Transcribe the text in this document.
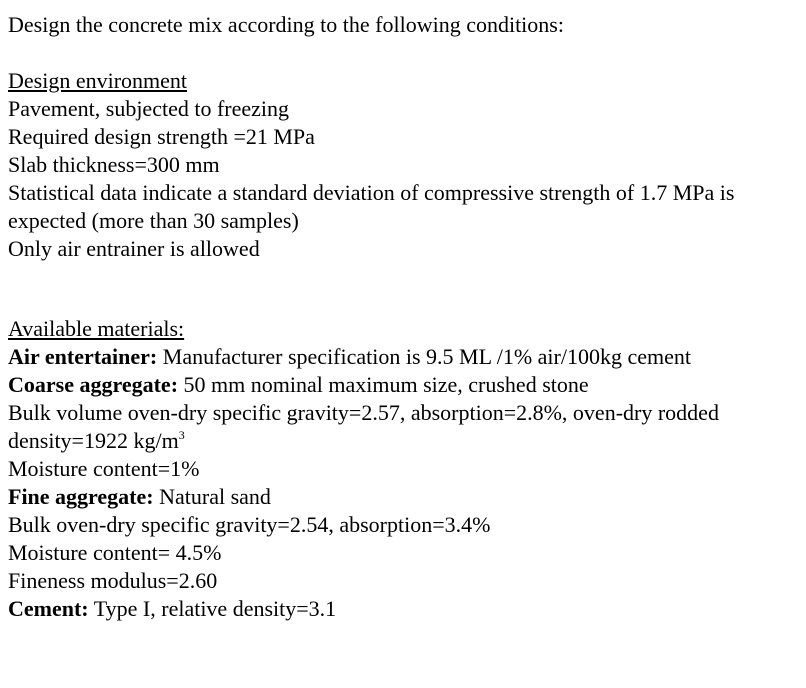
Design the concrete mix according to the following conditions:
Design environment
Pavement, subjected to freezing
Required design strength =21 MPa
Slab thickness=300 mm
Statistical data indicate a standard deviation of compressive strength of 1.7 MPa is
expected (more than 30 samples)
Only air entrainer is allowed
Available materials:
Air entertainer: Manufacturer specification is 9.5 ML /1% air/100kg cement
Coarse aggregate: 50 mm nominal maximum size, crushed stone
Bulk volume oven-dry specific gravity=2.57, absorption=2.8%, oven-dry rodded
density=1922 $kg/m^3$
Moisture content=1%
Fine aggregate: Natural sand
Bulk oven-dry specific gravity=2.54, absorption=3.4%
Moisture content= 4.5%
Fineness modulus=2.60
Cement: Type I, relative density=3.1
